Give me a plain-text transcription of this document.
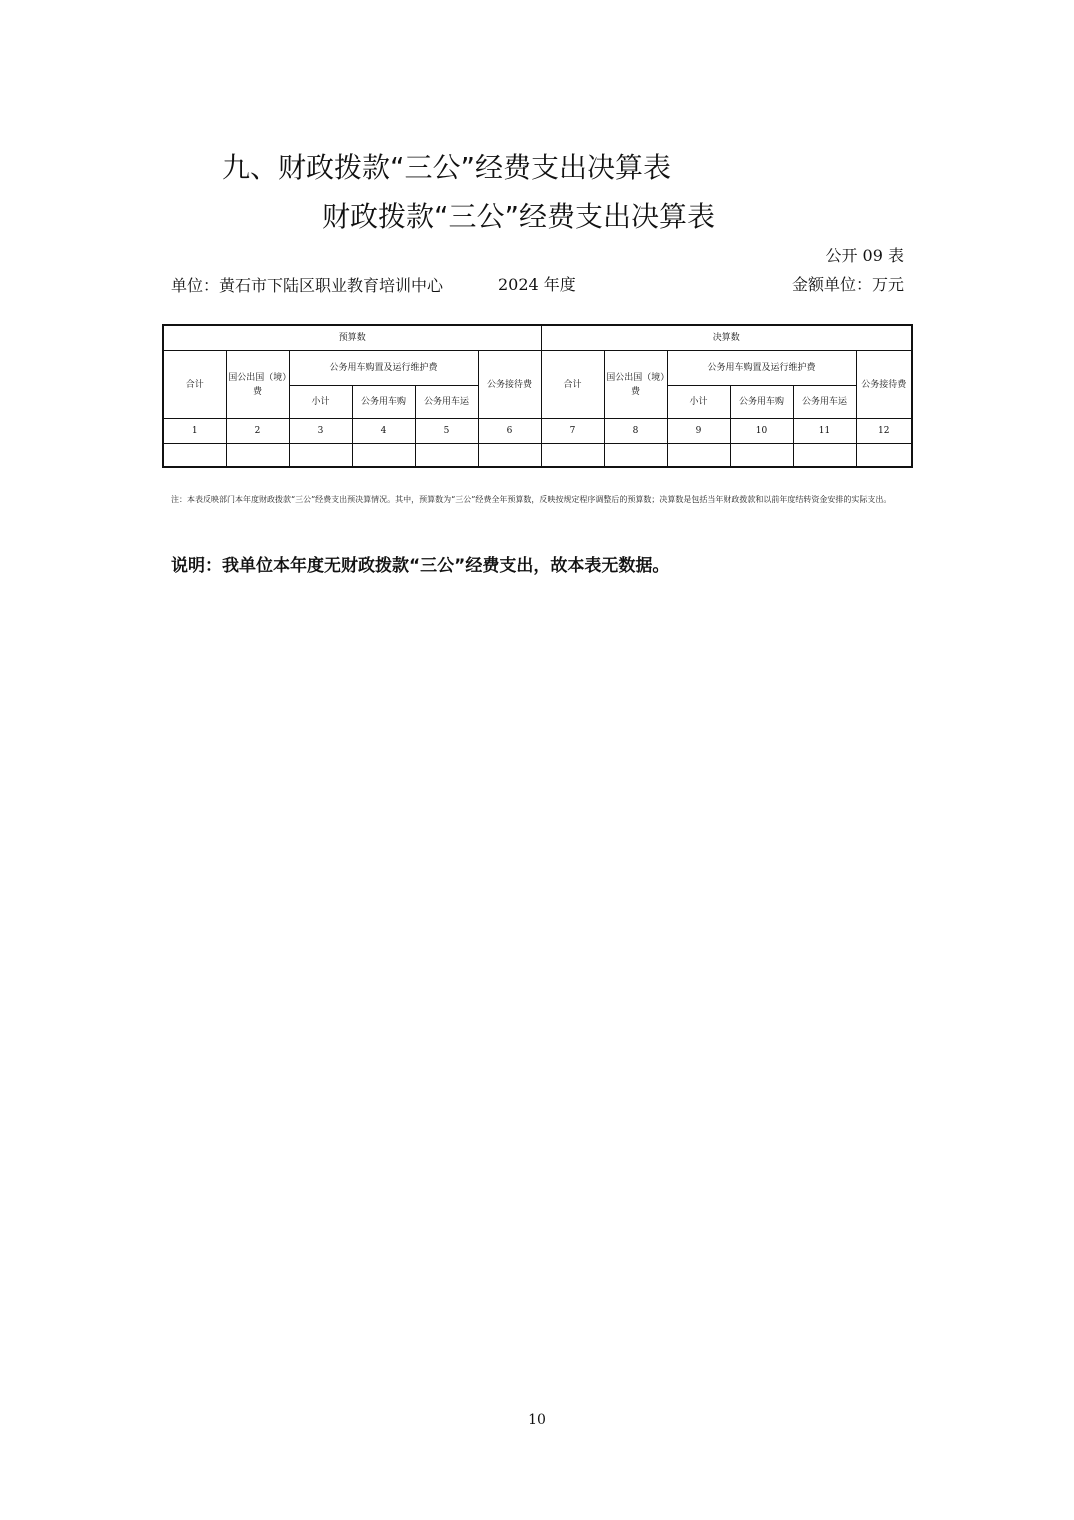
九、财政拨款“三公”经费支出决算表
财政拨款“三公”经费支出决算表
公开 09 表
单位：黄石市下陆区职业教育培训中心	2024 年度	金额单位：万元
预算数						决算数					
合计	国公出国（境）费	公务用车购置及运行维护费			公务接待费	合计	国公出国（境）费	公务用车购置及运行维护费			公务接待费
		小计	公务用车购	公务用车运				小计	公务用车购	公务用车运	
1	2	3	4	5	6	7	8	9	10	11	12

注：本表反映部门本年度财政拨款“三公”经费支出预决算情况。其中，预算数为“三公”经费全年预算数，反映按规定程序调整后的预算数；决算数是包括当年财政拨款和以前年度结转资金安排的实际支出。
说明：我单位本年度无财政拨款“三公”经费支出，故本表无数据。
10
